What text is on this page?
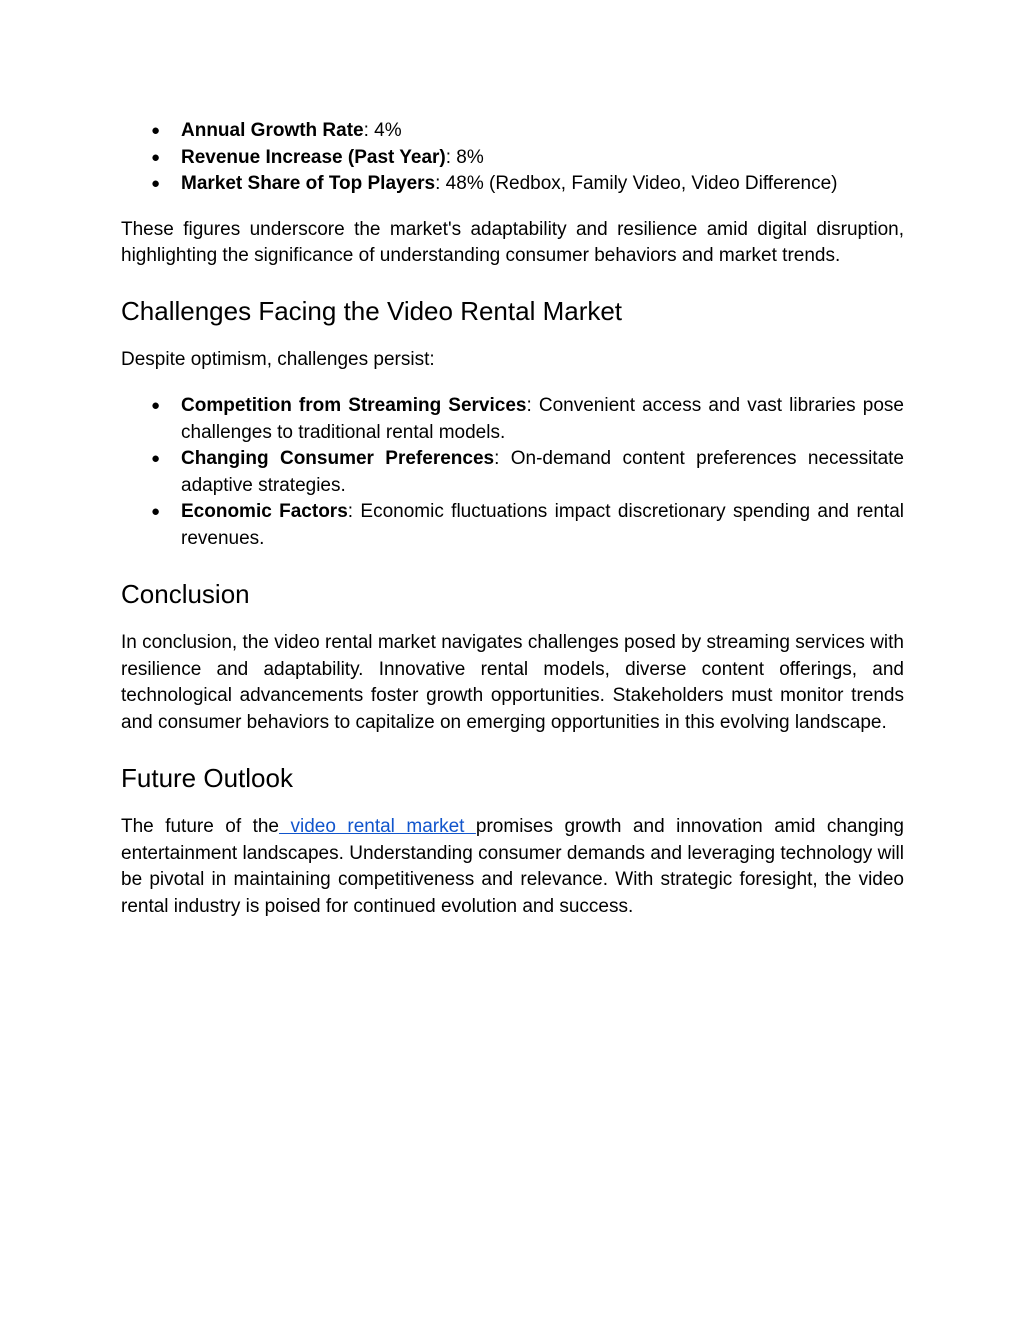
● Annual Growth Rate: 4%
● Revenue Increase (Past Year): 8%
● Market Share of Top Players: 48% (Redbox, Family Video, Video Difference)

These figures underscore the market's adaptability and resilience amid digital disruption, highlighting the significance of understanding consumer behaviors and market trends.

Challenges Facing the Video Rental Market

Despite optimism, challenges persist:

● Competition from Streaming Services: Convenient access and vast libraries pose challenges to traditional rental models.
● Changing Consumer Preferences: On-demand content preferences necessitate adaptive strategies.
● Economic Factors: Economic fluctuations impact discretionary spending and rental revenues.
Conclusion

In conclusion, the video rental market navigates challenges posed by streaming services with resilience and adaptability. Innovative rental models, diverse content offerings, and technological advancements foster growth opportunities. Stakeholders must monitor trends and consumer behaviors to capitalize on emerging opportunities in this evolving landscape.

Future Outlook

The future of the video rental market promises growth and innovation amid changing entertainment landscapes. Understanding consumer demands and leveraging technology will be pivotal in maintaining competitiveness and relevance. With strategic foresight, the video rental industry is poised for continued evolution and success.
